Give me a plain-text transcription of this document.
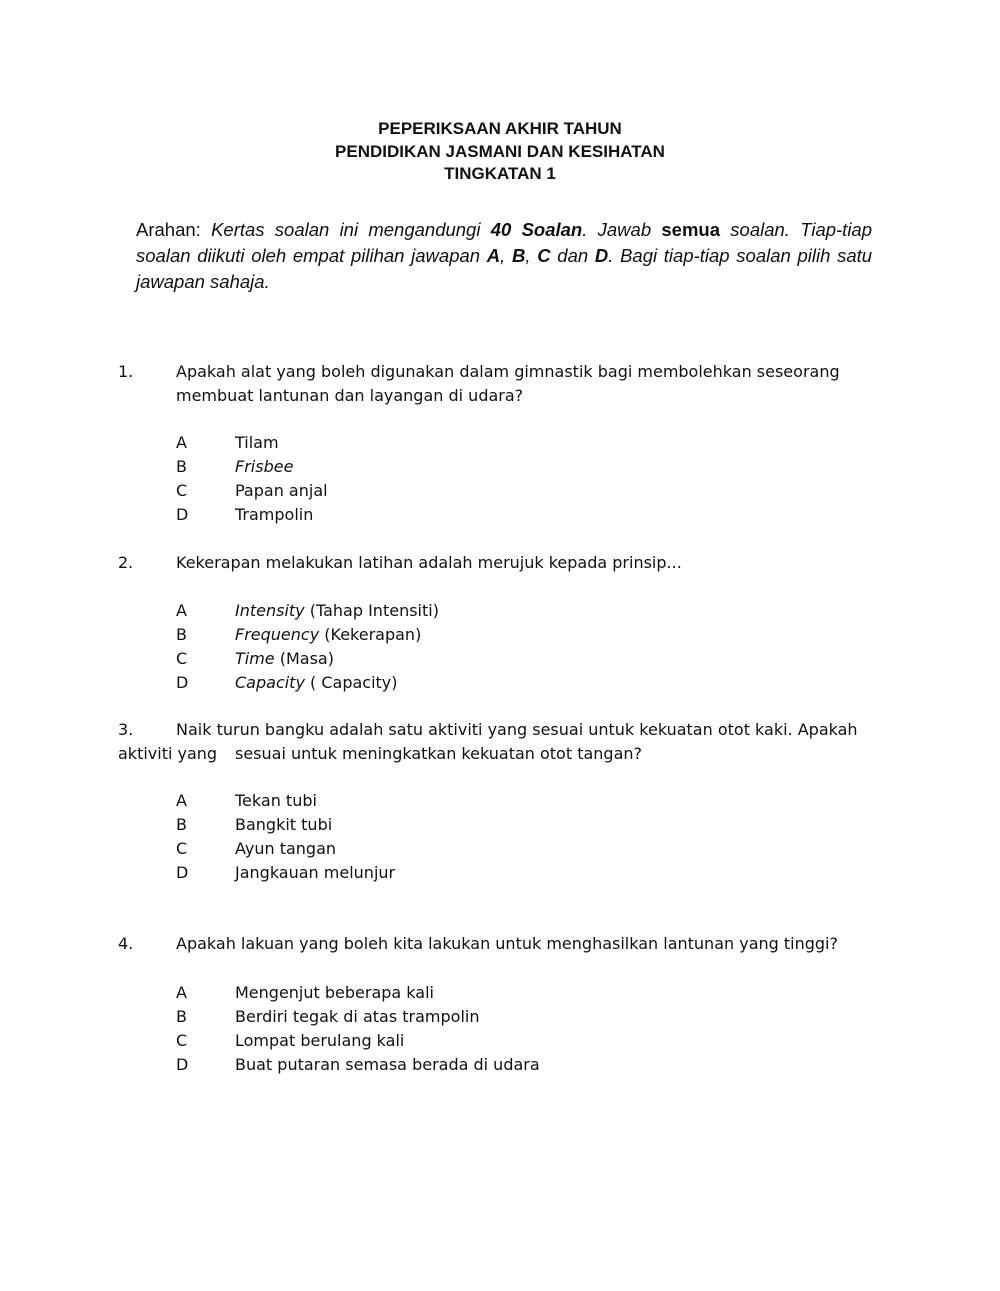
PEPERIKSAAN AKHIR TAHUN

PENDIDIKAN JASMANI DAN KESIHATAN

TINGKATAN 1

Arahan: Kertas soalan ini mengandungi 40 Soalan. Jawab semua soalan. Tiap-tiap soalan diikuti oleh empat pilihan jawapan A, B, C dan D. Bagi tiap-tiap soalan pilih satu jawapan sahaja.
1.	Apakah alat yang boleh digunakan dalam gimnastik bagi membolehkan seseorang
membuat lantunan dan layangan di udara?
A	Tilam
B	Frisbee
C	Papan anjal
D	Trampolin
2.	Kekerapan melakukan latihan adalah merujuk kepada prinsip...
A	Intensity (Tahap Intensiti)
B	Frequency (Kekerapan)
C	Time (Masa)
D	Capacity ( Capacity)
3.	Naik turun bangku adalah satu aktiviti yang sesuai untuk kekuatan otot kaki. Apakah
aktiviti yang sesuai untuk meningkatkan kekuatan otot tangan?
A	Tekan tubi
B	Bangkit tubi
C	Ayun tangan
D	Jangkauan melunjur
4.	Apakah lakuan yang boleh kita lakukan untuk menghasilkan lantunan yang tinggi?
A	Mengenjut beberapa kali
B	Berdiri tegak di atas trampolin
C	Lompat berulang kali
D	Buat putaran semasa berada di udara
